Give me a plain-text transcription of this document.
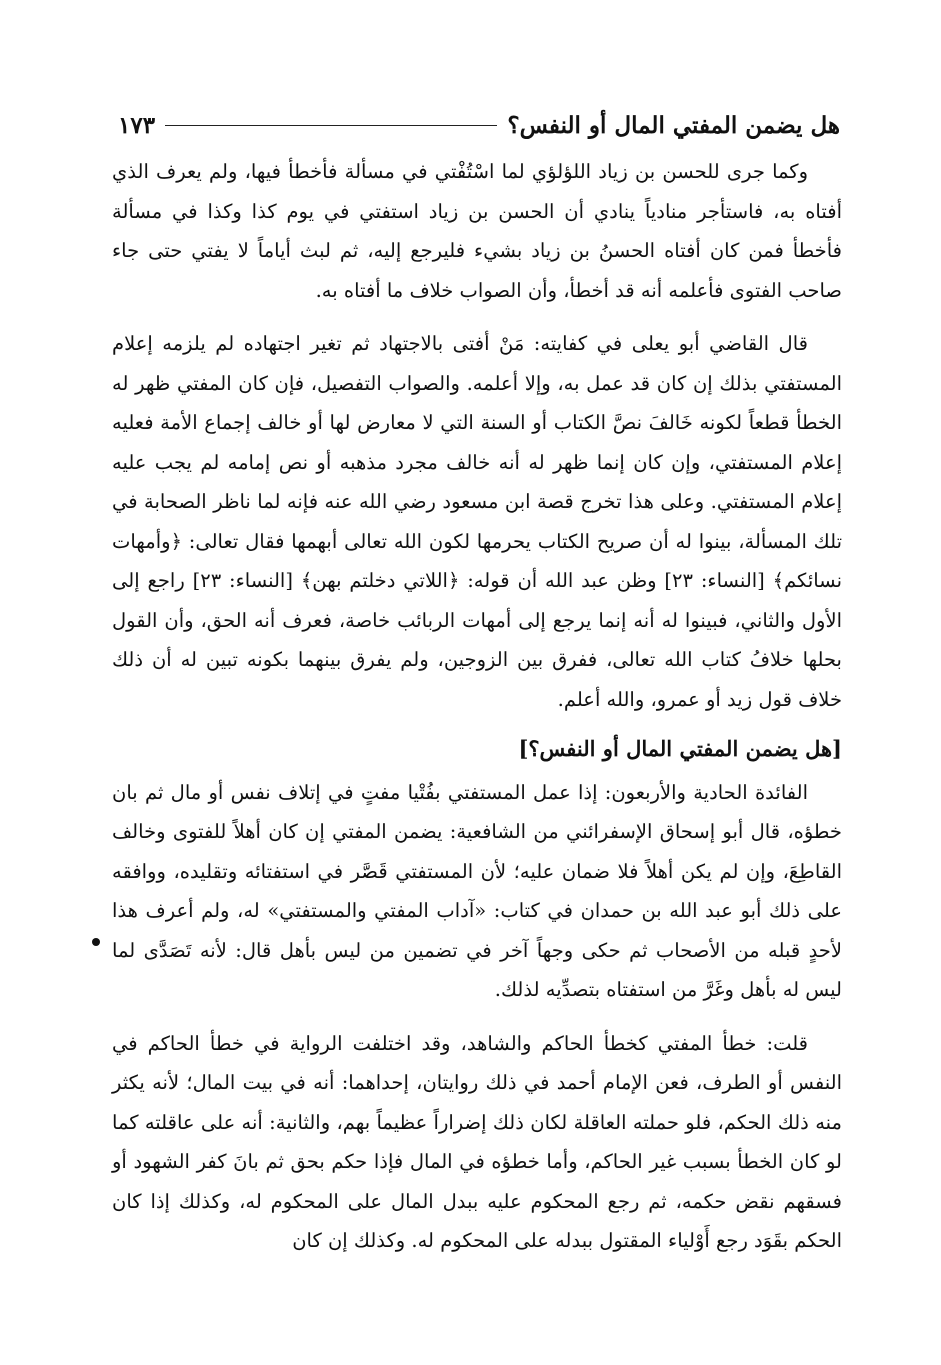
هل يضمن المفتي المال أو النفس؟
١٧٣

وكما جرى للحسن بن زياد اللؤلؤي لما اسْتُفْتي في مسألة فأخطأ فيها، ولم يعرف الذي أفتاه به، فاستأجر منادياً ينادي أن الحسن بن زياد استفتي في يوم كذا وكذا في مسألة فأخطأ فمن كان أفتاه الحسنُ بن زياد بشيء فليرجع إليه، ثم لبث أياماً لا يفتي حتى جاء صاحب الفتوى فأعلمه أنه قد أخطأ، وأن الصواب خلاف ما أفتاه به.

قال القاضي أبو يعلى في كفايته: مَنْ أفتى بالاجتهاد ثم تغير اجتهاده لم يلزمه إعلام المستفتي بذلك إن كان قد عمل به، وإلا أعلمه. والصواب التفصيل، فإن كان المفتي ظهر له الخطأ قطعاً لكونه خَالفَ نصَّ الكتاب أو السنة التي لا معارض لها أو خالف إجماع الأمة فعليه إعلام المستفتي، وإن كان إنما ظهر له أنه خالف مجرد مذهبه أو نص إمامه لم يجب عليه إعلام المستفتي. وعلى هذا تخرج قصة ابن مسعود رضي الله عنه فإنه لما ناظر الصحابة في تلك المسألة، بينوا له أن صريح الكتاب يحرمها لكون الله تعالى أبهمها فقال تعالى: ﴿وأمهات نسائكم﴾ [النساء: ٢٣] وظن عبد الله أن قوله: ﴿اللاتي دخلتم بهن﴾ [النساء: ٢٣] راجع إلى الأول والثاني، فبينوا له أنه إنما يرجع إلى أمهات الربائب خاصة، فعرف أنه الحق، وأن القول بحلها خلافُ كتاب الله تعالى، ففرق بين الزوجين، ولم يفرق بينهما بكونه تبين له أن ذلك خلاف قول زيد أو عمرو، والله أعلم.

[هل يضمن المفتي المال أو النفس؟]

الفائدة الحادية والأربعون: إذا عمل المستفتي بفُتْيا مفتٍ في إتلاف نفس أو مال ثم بان خطؤه، قال أبو إسحاق الإسفرائني من الشافعية: يضمن المفتي إن كان أهلاً للفتوى وخالف القاطِعَ، وإن لم يكن أهلاً فلا ضمان عليه؛ لأن المستفتي قَصَّر في استفتائه وتقليده، ووافقه على ذلك أبو عبد الله بن حمدان في كتاب: «آداب المفتي والمستفتي» له، ولم أعرف هذا لأحدٍ قبله من الأصحاب ثم حكى وجهاً آخر في تضمين من ليس بأهل قال: لأنه تَصَدَّى لما ليس له بأهل وغَرَّ من استفتاه بتصدِّيه لذلك.

قلت: خطأ المفتي كخطأ الحاكم والشاهد، وقد اختلفت الرواية في خطأ الحاكم في النفس أو الطرف، فعن الإمام أحمد في ذلك روايتان، إحداهما: أنه في بيت المال؛ لأنه يكثر منه ذلك الحكم، فلو حملته العاقلة لكان ذلك إضراراً عظيماً بهم، والثانية: أنه على عاقلته كما لو كان الخطأ بسبب غير الحاكم، وأما خطؤه في المال فإذا حكم بحق ثم بانَ كفر الشهود أو فسقهم نقض حكمه، ثم رجع المحكوم عليه ببدل المال على المحكوم له، وكذلك إذا كان الحكم بقَوَد رجع أَوْلياء المقتول ببدله على المحكوم له. وكذلك إن كان
